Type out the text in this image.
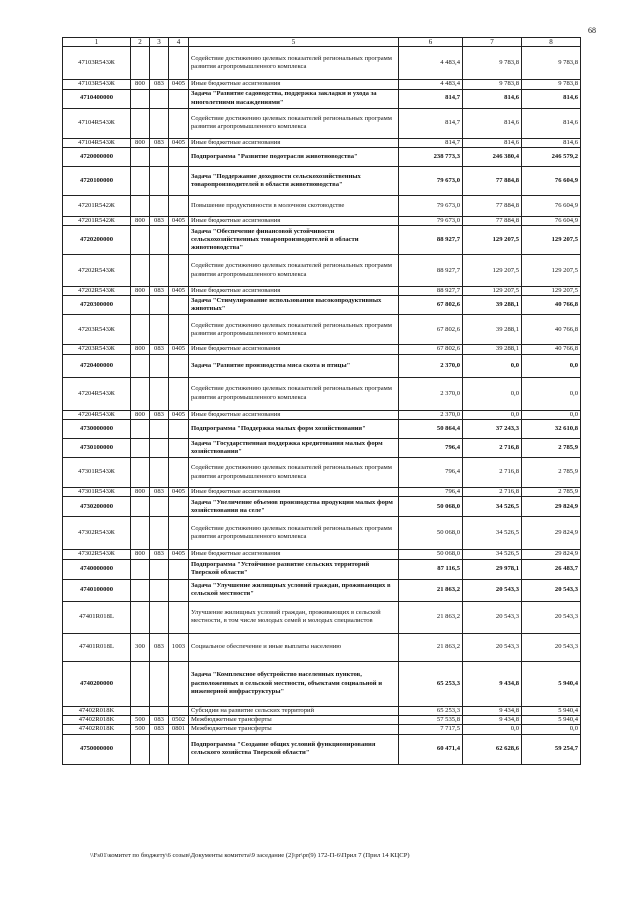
68
1	2	3	4	5	6	7	8
47103R543Ж				Содействие достижению целевых показателей региональных программ развития агропромышленного комплекса	4 483,4	9 783,8	9 783,8
47103R543Ж	800	083	0405	Иные бюджетные ассигнования	4 483,4	9 783,8	9 783,8
4710400000				Задача "Развитие садоводства, поддержка закладки и ухода за многолетними насаждениями"	814,7	814,6	814,6
47104R543Ж				Содействие достижению целевых показателей региональных программ развития агропромышленного комплекса	814,7	814,6	814,6
47104R543Ж	800	083	0405	Иные бюджетные ассигнования	814,7	814,6	814,6
4720000000				Подпрограмма "Развитие подотрасли животноводства"	238 773,3	246 380,4	246 579,2
4720100000				Задача "Поддержание доходности сельскохозяйственных товаропроизводителей в области животноводства"	79 673,0	77 884,8	76 604,9
47201R542Ж				Повышение продуктивности в молочном скотоводстве	79 673,0	77 884,8	76 604,9
47201R542Ж	800	083	0405	Иные бюджетные ассигнования	79 673,0	77 884,8	76 604,9
4720200000				Задача "Обеспечение финансовой устойчивости сельскохозяйственных товаропроизводителей в области животноводства"	88 927,7	129 207,5	129 207,5
47202R543Ж				Содействие достижению целевых показателей региональных программ развития агропромышленного комплекса	88 927,7	129 207,5	129 207,5
47202R543Ж	800	083	0405	Иные бюджетные ассигнования	88 927,7	129 207,5	129 207,5
4720300000				Задача "Стимулирование использования высокопродуктивных животных"	67 802,6	39 288,1	40 766,8
47203R543Ж				Содействие достижению целевых показателей региональных программ развития агропромышленного комплекса	67 802,6	39 288,1	40 766,8
47203R543Ж	800	083	0405	Иные бюджетные ассигнования	67 802,6	39 288,1	40 766,8
4720400000				Задача "Развитие производства мяса скота и птицы"	2 370,0	0,0	0,0
47204R543Ж				Содействие достижению целевых показателей региональных программ развития агропромышленного комплекса	2 370,0	0,0	0,0
47204R543Ж	800	083	0405	Иные бюджетные ассигнования	2 370,0	0,0	0,0
4730000000				Подпрограмма "Поддержка малых форм хозяйствования"	50 864,4	37 243,3	32 610,8
4730100000				Задача "Государственная поддержка кредитования малых форм хозяйствования"	796,4	2 716,8	2 785,9
47301R543Ж				Содействие достижению целевых показателей региональных программ развития агропромышленного комплекса	796,4	2 716,8	2 785,9
47301R543Ж	800	083	0405	Иные бюджетные ассигнования	796,4	2 716,8	2 785,9
4730200000				Задача "Увеличение объемов производства продукции малых форм хозяйствования на селе"	50 068,0	34 526,5	29 824,9
47302R543Ж				Содействие достижению целевых показателей региональных программ развития агропромышленного комплекса	50 068,0	34 526,5	29 824,9
47302R543Ж	800	083	0405	Иные бюджетные ассигнования	50 068,0	34 526,5	29 824,9
4740000000				Подпрограмма "Устойчивое развитие сельских территорий Тверской области"	87 116,5	29 978,1	26 483,7
4740100000				Задача "Улучшение жилищных условий граждан, проживающих в сельской местности"	21 863,2	20 543,3	20 543,3
47401R018L				Улучшение жилищных условий граждан, проживающих в сельской местности, в том числе молодых семей и молодых специалистов	21 863,2	20 543,3	20 543,3
47401R018L	300	083	1003	Социальное обеспечение и иные выплаты населению	21 863,2	20 543,3	20 543,3
4740200000				Задача "Комплексное обустройство населенных пунктов, расположенных в сельской местности, объектами социальной и инженерной инфраструктуры"	65 253,3	9 434,8	5 940,4
47402R018K				Субсидии на развитие сельских территорий	65 253,3	9 434,8	5 940,4
47402R018K	500	083	0502	Межбюджетные трансферты	57 535,8	9 434,8	5 940,4
47402R018K	500	083	0801	Межбюджетные трансферты	7 717,5	0,0	0,0
4750000000				Подпрограмма "Создание общих условий функционирования сельского хозяйства Тверской области"	60 471,4	62 628,6	59 254,7
\\Fs01\комитет по бюджету\6 созыв\Документы комитета\9 заседание (2)\рr\рr(9) 172-П-6\Прил 7 (Прил 14 КЦСР)
